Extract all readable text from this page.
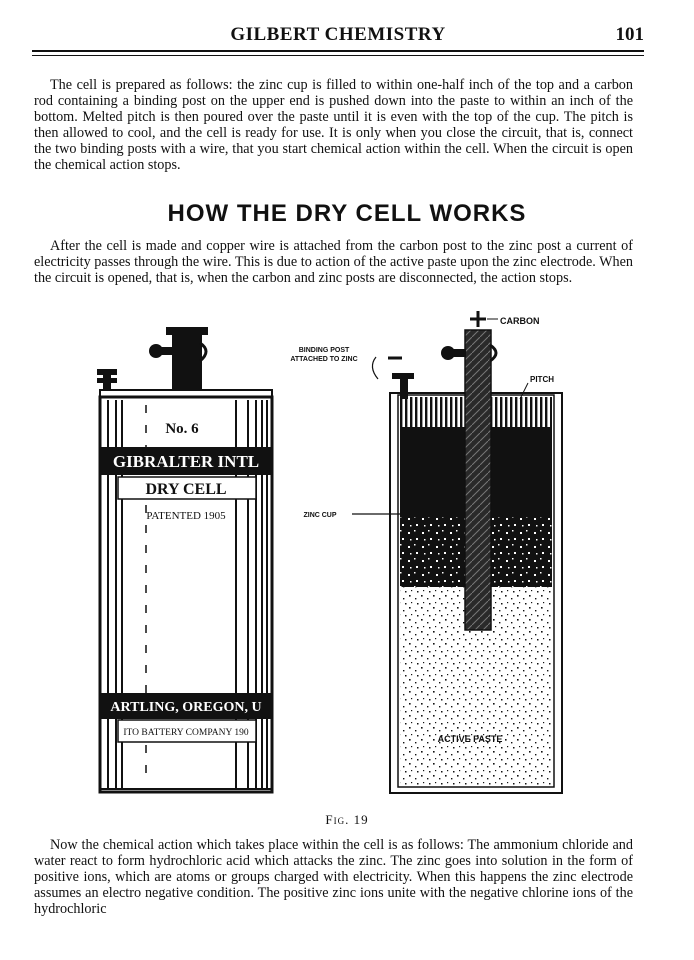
GILBERT CHEMISTRY	101

The cell is prepared as follows: the zinc cup is filled to within one-half inch of the top and a carbon rod containing a binding post on the upper end is pushed down into the paste to within an inch of the bottom. Melted pitch is then poured over the paste until it is even with the top of the cup. The pitch is then allowed to cool, and the cell is ready for use. It is only when you close the circuit, that is, connect the two binding posts with a wire, that you start chemical action within the cell. When the circuit is open the chemical action stops.

HOW THE DRY CELL WORKS

After the cell is made and copper wire is attached from the carbon post to the zinc post a current of electricity passes through the wire. This is due to action of the active paste upon the zinc electrode. When the circuit is opened, that is, when the carbon and zinc posts are disconnected, the action stops.

No. 6
GIBRALTER INTL
DRY CELL
PATENTED 1905
ARTLING, OREGON, U
ITO BATTERY COMPANY 190
CARBON
BINDING POST
ATTACHED TO ZINC
PITCH
ZINC CUP
ACTIVE PASTE
Fig. 19

Now the chemical action which takes place within the cell is as follows: The ammonium chloride and water react to form hydrochloric acid which attacks the zinc. The zinc goes into solution in the form of positive ions, which are atoms or groups charged with electricity. When this happens the zinc electrode assumes an electro negative condition. The positive zinc ions unite with the negative chlorine ions of the hydrochloric
